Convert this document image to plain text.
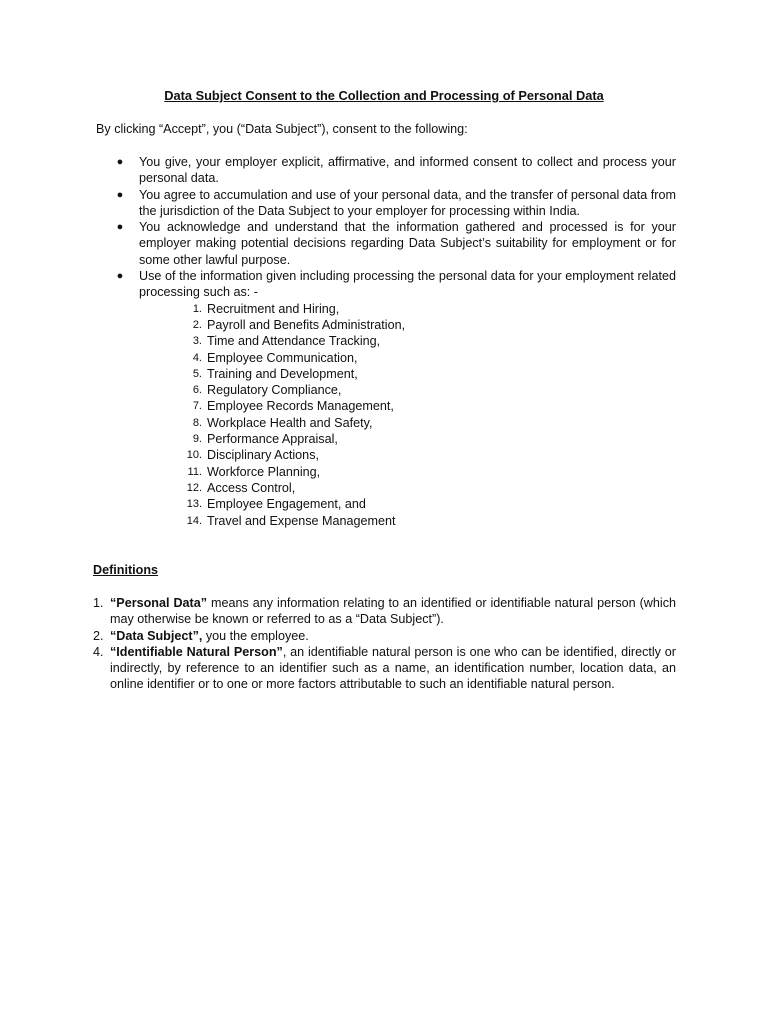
Data Subject Consent to the Collection and Processing of Personal Data
By clicking “Accept”, you (“Data Subject”), consent to the following:
● You give, your employer explicit, affirmative, and informed consent to collect and process your personal data.
● You agree to accumulation and use of your personal data, and the transfer of personal data from the jurisdiction of the Data Subject to your employer for processing within India.
● You acknowledge and understand that the information gathered and processed is for your employer making potential decisions regarding Data Subject’s suitability for employment or for some other lawful purpose.
● Use of the information given including processing the personal data for your employment related processing such as: -
1. Recruitment and Hiring,
2. Payroll and Benefits Administration,
3. Time and Attendance Tracking,
4. Employee Communication,
5. Training and Development,
6. Regulatory Compliance,
7. Employee Records Management,
8. Workplace Health and Safety,
9. Performance Appraisal,
10. Disciplinary Actions,
11. Workforce Planning,
12. Access Control,
13. Employee Engagement, and
14. Travel and Expense Management
Definitions
1. “Personal Data” means any information relating to an identified or identifiable natural person (which may otherwise be known or referred to as a “Data Subject”).
2. “Data Subject”, you the employee.
4. “Identifiable Natural Person”, an identifiable natural person is one who can be identified, directly or indirectly, by reference to an identifier such as a name, an identification number, location data, an online identifier or to one or more factors attributable to such an identifiable natural person.
